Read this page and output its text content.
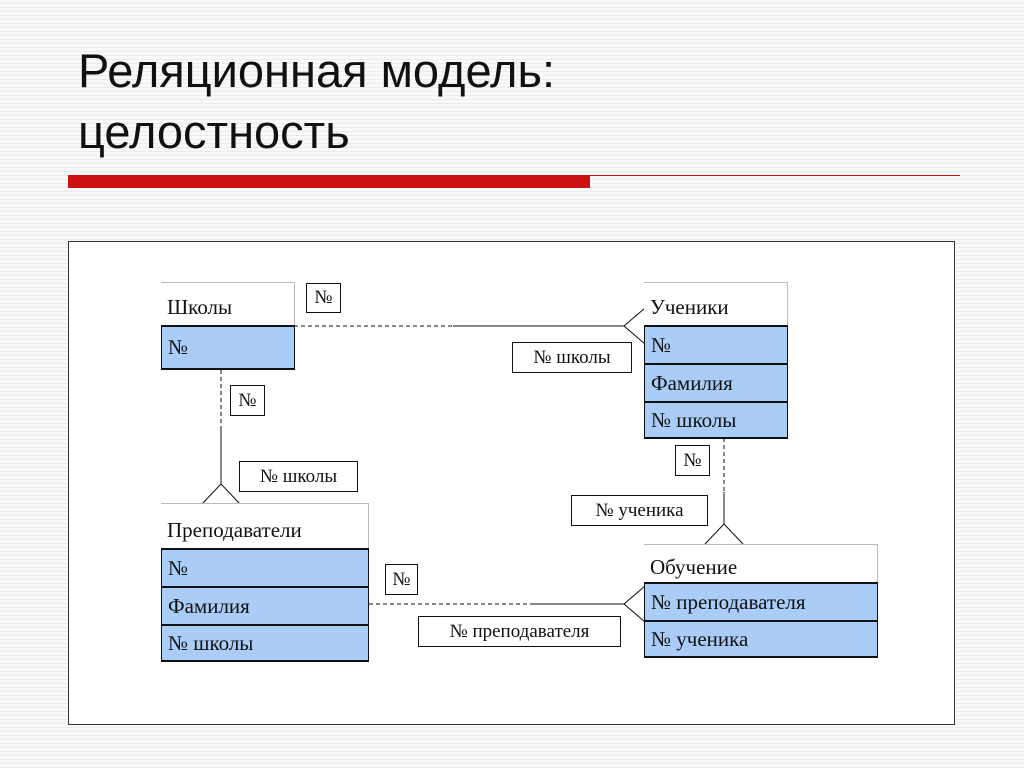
Реляционная модель:
целостность
Школы
№
Ученики
№
Фамилия
№ школы
Преподаватели
№
Фамилия
№ школы
Обучение
№ преподавателя
№ ученика
№
№ школы
№
№ школы
№
№ ученика
№
№ преподавателя
